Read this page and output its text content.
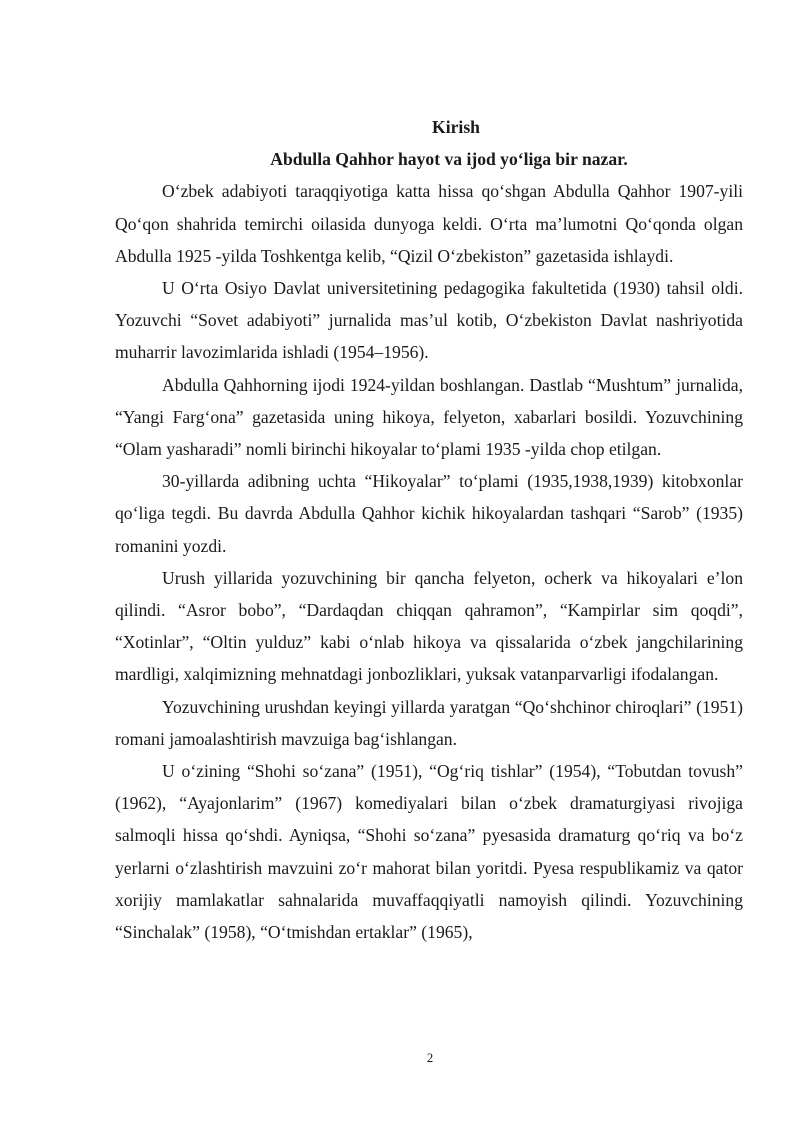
Kirish

Abdulla Qahhor hayot va ijod yo‘liga bir nazar.

O‘zbek adabiyoti taraqqiyotiga katta hissa qo‘shgan Abdulla Qahhor 1907-yili Qo‘qon shahrida temirchi oilasida dunyoga keldi. O‘rta ma’lumotni Qo‘qonda olgan Abdulla 1925 -yilda Toshkentga kelib, “Qizil O‘zbekiston” gazetasida ishlaydi.

U O‘rta Osiyo Davlat universitetining pedagogika fakultetida (1930) tahsil oldi. Yozuvchi “Sovet adabiyoti” jurnalida mas’ul kotib, O‘zbekiston Davlat nashriyotida muharrir lavozimlarida ishladi (1954–1956).

Abdulla Qahhorning ijodi 1924-yildan boshlangan. Dastlab “Mushtum” jurnalida, “Yangi Farg‘ona” gazetasida uning hikoya, felyeton, xabarlari bosildi. Yozuvchining “Olam yasharadi” nomli birinchi hikoyalar to‘plami 1935 -yilda chop etilgan.

30-yillarda adibning uchta “Hikoyalar” to‘plami (1935,1938,1939) kitobxonlar qo‘liga tegdi. Bu davrda Abdulla Qahhor kichik hikoyalardan tashqari “Sarob” (1935) romanini yozdi.

Urush yillarida yozuvchining bir qancha felyeton, ocherk va hikoyalari e’lon qilindi. “Asror bobo”, “Dardaqdan chiqqan qahramon”, “Kampirlar sim qoqdi”, “Xotinlar”, “Oltin yulduz” kabi o‘nlab hikoya va qissalarida o‘zbek jangchilarining mardligi, xalqimizning mehnatdagi jonbozliklari, yuksak vatanparvarligi ifodalangan.

Yozuvchining urushdan keyingi yillarda yaratgan “Qo‘shchinor chiroqlari” (1951) romani jamoalashtirish mavzuiga bag‘ishlangan.

U o‘zining “Shohi so‘zana” (1951), “Og‘riq tishlar” (1954), “Tobutdan tovush” (1962), “Ayajonlarim” (1967) komediyalari bilan o‘zbek dramaturgiyasi rivojiga salmoqli hissa qo‘shdi. Ayniqsa, “Shohi so‘zana” pyesasida dramaturg qo‘riq va bo‘z yerlarni o‘zlashtirish mavzuini zo‘r mahorat bilan yoritdi. Pyesa respublikamiz va qator xorijiy mamlakatlar sahnalarida muvaffaqqiyatli namoyish qilindi. Yozuvchining “Sinchalak” (1958), “O‘tmishdan ertaklar” (1965),

2
